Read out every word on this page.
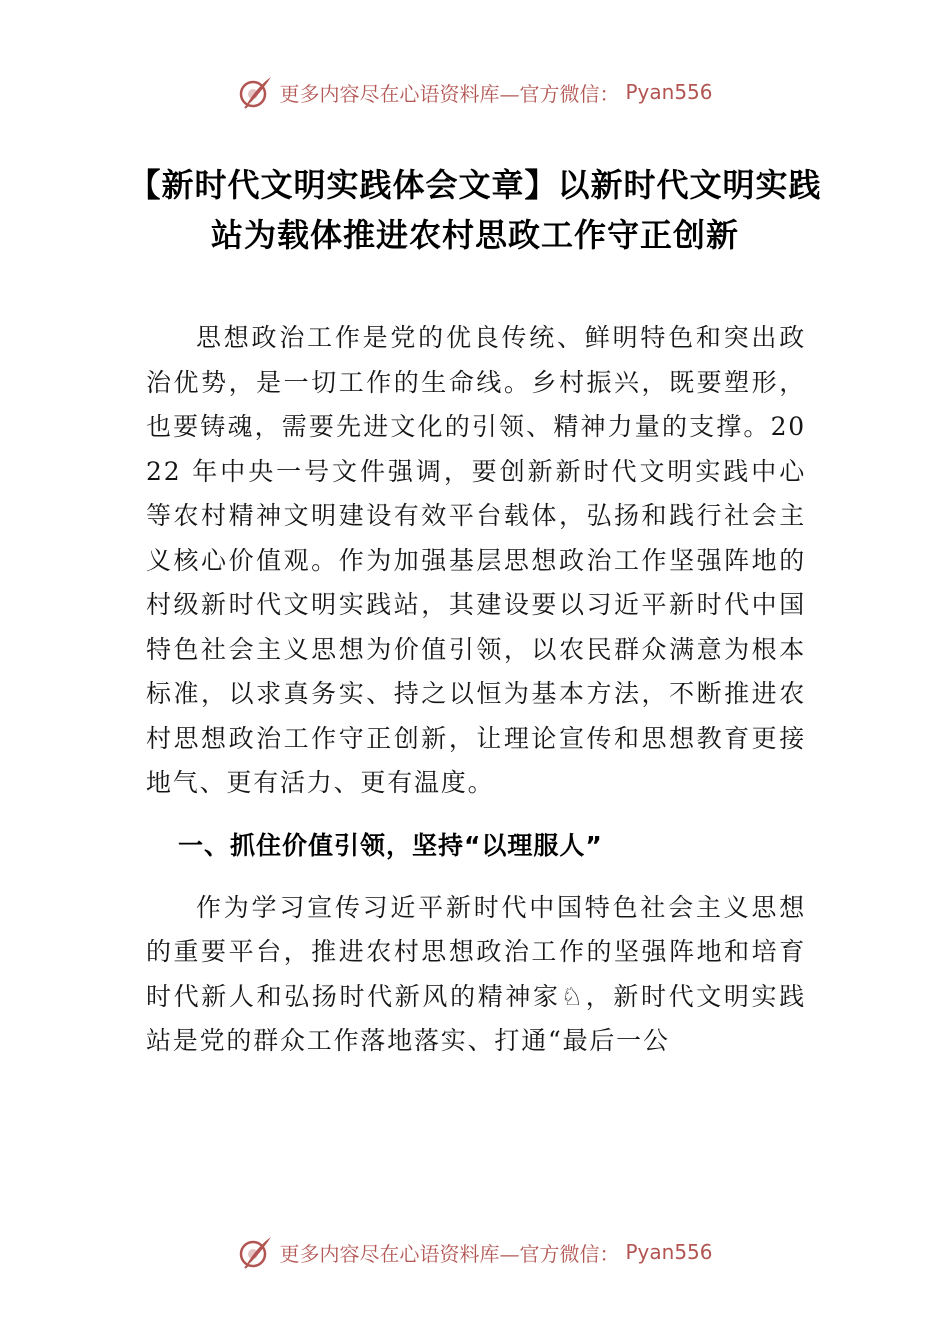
更多内容尽在心语资料库—官方微信： Pyan556
【新时代文明实践体会文章】以新时代文明实践站为载体推进农村思政工作守正创新

思想政治工作是党的优良传统、鲜明特色和突出政治优势，是一切工作的生命线。乡村振兴，既要塑形，也要铸魂，需要先进文化的引领、精神力量的支撑。2022 年中央一号文件强调，要创新新时代文明实践中心等农村精神文明建设有效平台载体，弘扬和践行社会主义核心价值观。作为加强基层思想政治工作坚强阵地的村级新时代文明实践站，其建设要以习近平新时代中国特色社会主义思想为价值引领，以农民群众满意为根本标准，以求真务实、持之以恒为基本方法，不断推进农村思想政治工作守正创新，让理论宣传和思想教育更接地气、更有活力、更有温度。

一、抓住价值引领，坚持“以理服人”

作为学习宣传习近平新时代中国特色社会主义思想的重要平台，推进农村思想政治工作的坚强阵地和培育时代新人和弘扬时代新风的精神家♘，新时代文明实践站是党的群众工作落地落实、打通“最后一公

更多内容尽在心语资料库—官方微信： Pyan556
